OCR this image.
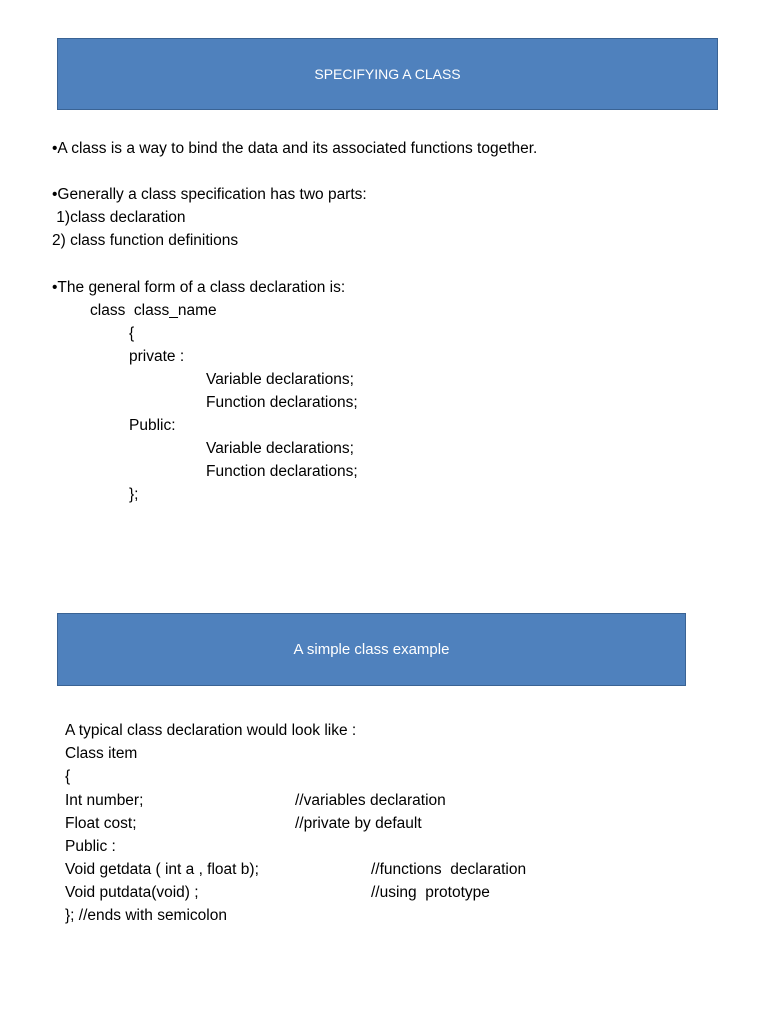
SPECIFYING A CLASS
•A class is a way to bind the data and its associated functions together.
•Generally a class specification has two parts:
1)class declaration
2) class function definitions
•The general form of a class declaration is:
class  class_name
{
private :
Variable declarations;
Function declarations;
Public:
Variable declarations;
Function declarations;
};
A simple class example
A typical class declaration would look like :
Class item
{
Int number;	//variables declaration
Float cost;	//private by default
Public :
Void getdata ( int a , float b);	//functions  declaration
Void putdata(void) ;	//using  prototype
}; //ends with semicolon
